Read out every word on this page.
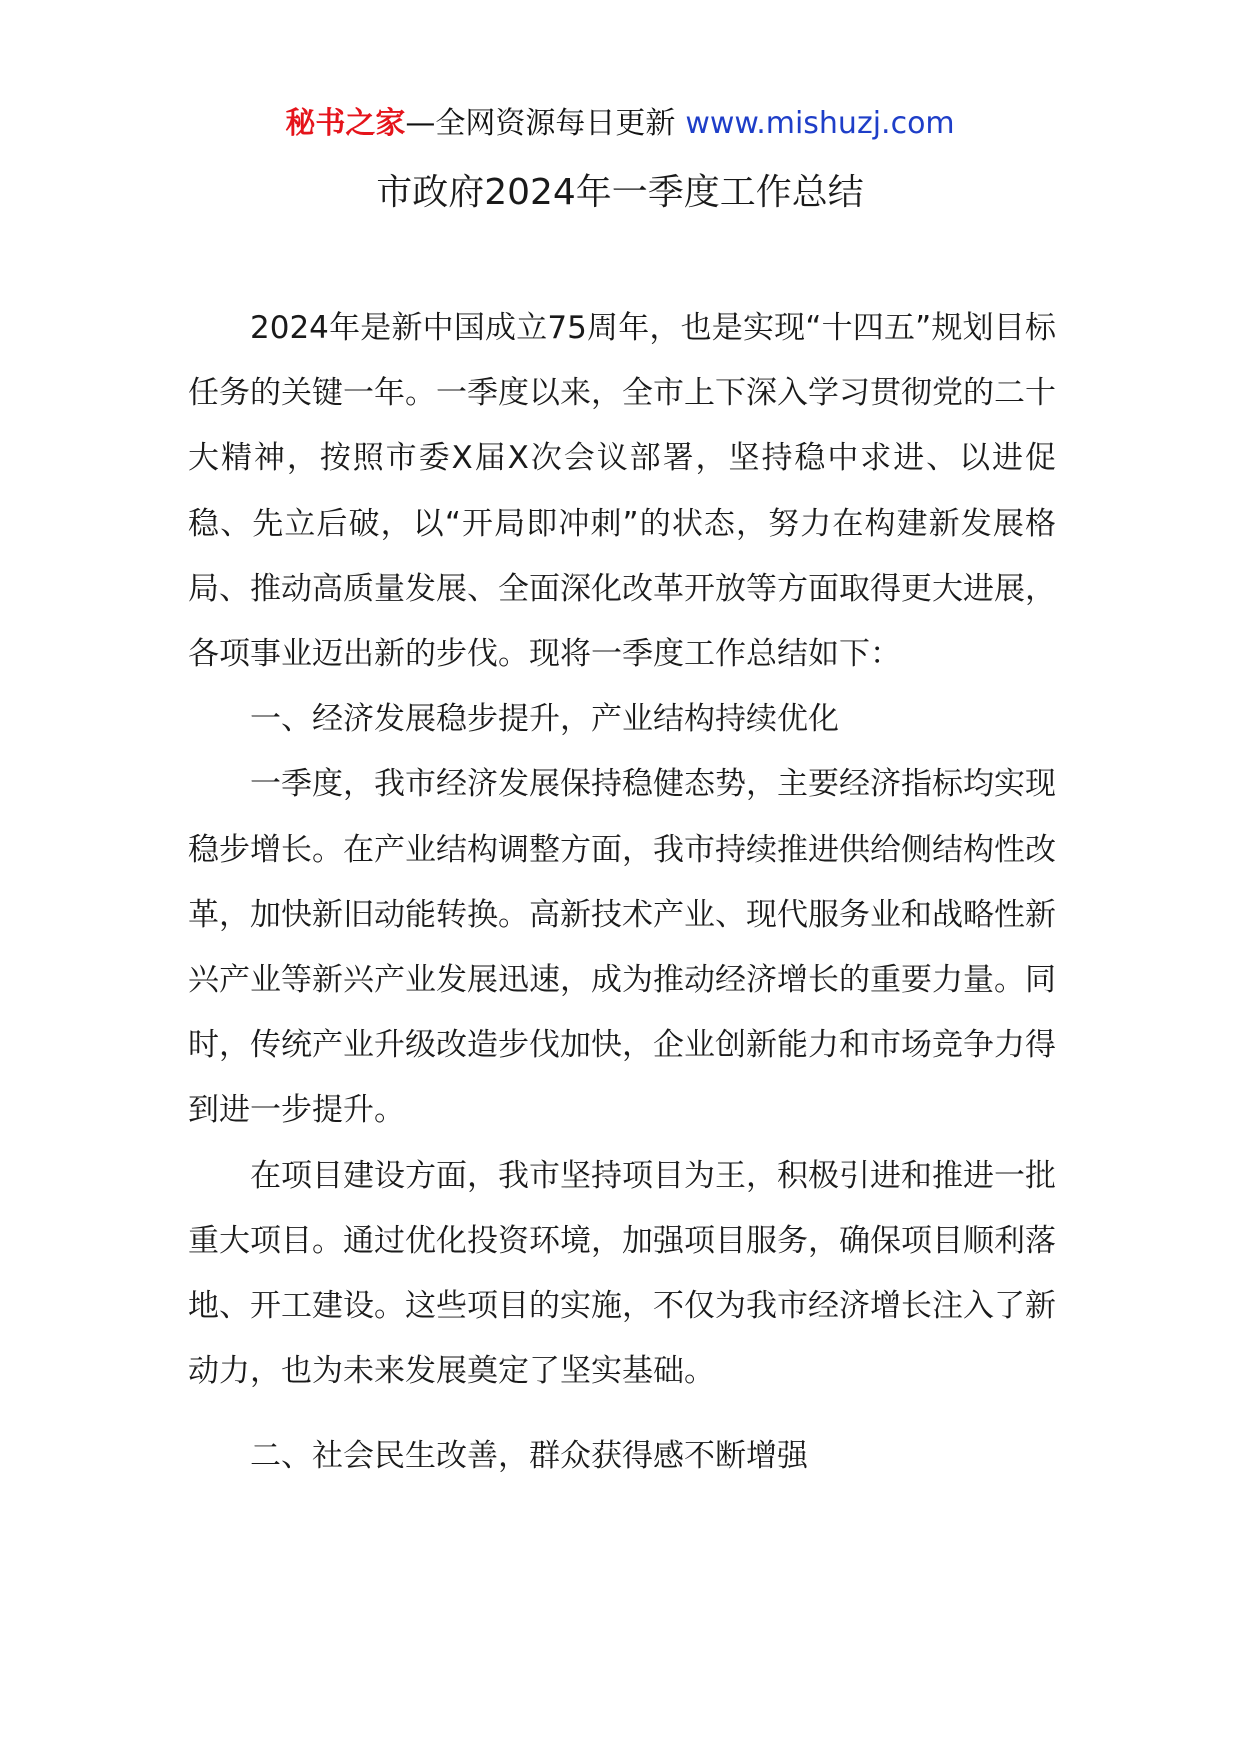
秘书之家—全网资源每日更新 www.mishuzj.com
市政府2024年一季度工作总结

2024年是新中国成立75周年，也是实现“十四五”规划目标任务的关键一年。一季度以来，全市上下深入学习贯彻党的二十大精神，按照市委X届X次会议部署，坚持稳中求进、以进促稳、先立后破，以“开局即冲刺”的状态，努力在构建新发展格局、推动高质量发展、全面深化改革开放等方面取得更大进展，各项事业迈出新的步伐。现将一季度工作总结如下：

一、经济发展稳步提升，产业结构持续优化

一季度，我市经济发展保持稳健态势，主要经济指标均实现稳步增长。在产业结构调整方面，我市持续推进供给侧结构性改革，加快新旧动能转换。高新技术产业、现代服务业和战略性新兴产业等新兴产业发展迅速，成为推动经济增长的重要力量。同时，传统产业升级改造步伐加快，企业创新能力和市场竞争力得到进一步提升。

在项目建设方面，我市坚持项目为王，积极引进和推进一批重大项目。通过优化投资环境，加强项目服务，确保项目顺利落地、开工建设。这些项目的实施，不仅为我市经济增长注入了新动力，也为未来发展奠定了坚实基础。

二、社会民生改善，群众获得感不断增强
